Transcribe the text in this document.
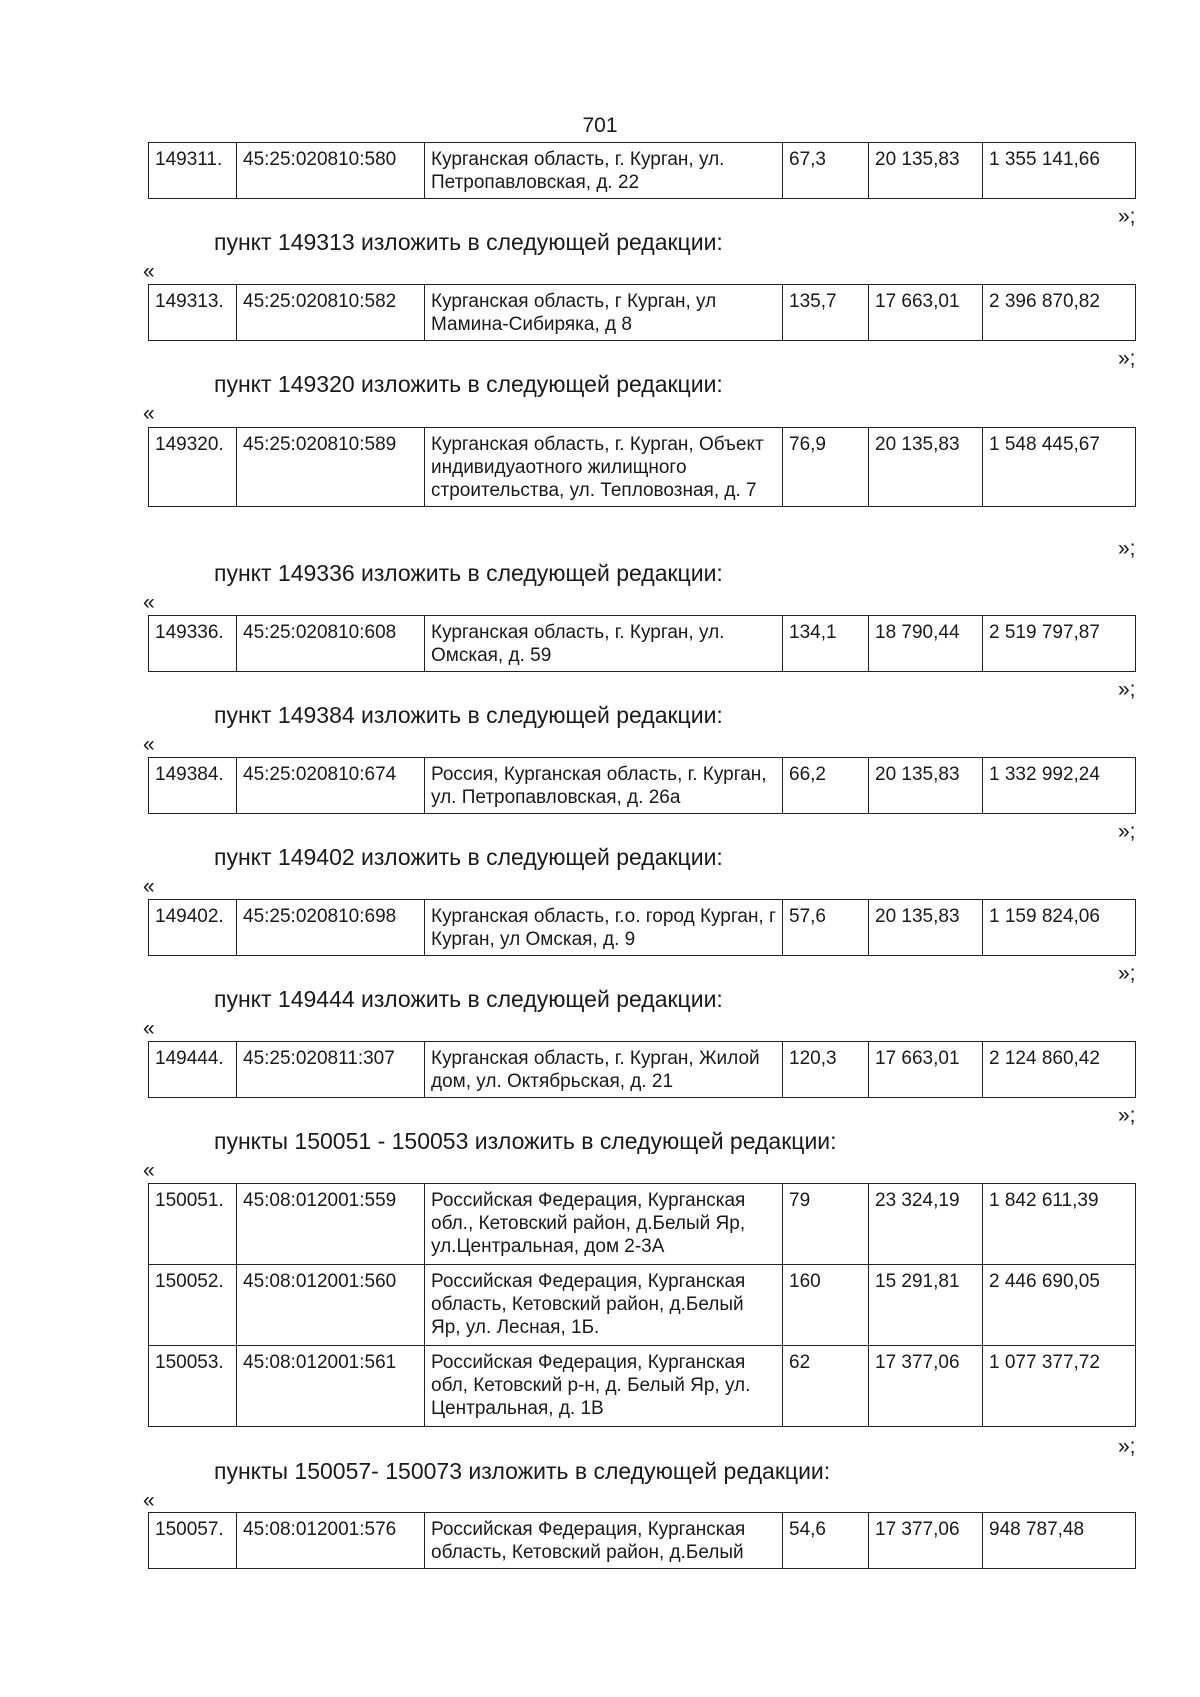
701
149311.	45:25:020810:580	Курганская область, г. Курган, ул. Петропавловская, д. 22	67,3	20 135,83	1 355 141,66
»;
пункт 149313 изложить в следующей редакции:
«
149313.	45:25:020810:582	Курганская область, г Курган, ул Мамина-Сибиряка, д 8	135,7	17 663,01	2 396 870,82
»;
пункт 149320 изложить в следующей редакции:
«
149320.	45:25:020810:589	Курганская область, г. Курган, Объект индивидуаотного жилищного строительства, ул. Тепловозная, д. 7	76,9	20 135,83	1 548 445,67
»;
пункт 149336 изложить в следующей редакции:
«
149336.	45:25:020810:608	Курганская область, г. Курган, ул. Омская, д. 59	134,1	18 790,44	2 519 797,87
»;
пункт 149384 изложить в следующей редакции:
«
149384.	45:25:020810:674	Россия, Курганская область, г. Курган, ул. Петропавловская, д. 26а	66,2	20 135,83	1 332 992,24
»;
пункт 149402 изложить в следующей редакции:
«
149402.	45:25:020810:698	Курганская область, г.о. город Курган, г Курган, ул Омская, д. 9	57,6	20 135,83	1 159 824,06
»;
пункт 149444 изложить в следующей редакции:
«
149444.	45:25:020811:307	Курганская область, г. Курган, Жилой дом, ул. Октябрьская, д. 21	120,3	17 663,01	2 124 860,42
»;
пункты 150051 - 150053 изложить в следующей редакции:
«
150051.	45:08:012001:559	Российская Федерация, Курганская обл., Кетовский район, д.Белый Яр, ул.Центральная, дом 2-3А	79	23 324,19	1 842 611,39
150052.	45:08:012001:560	Российская Федерация, Курганская область, Кетовский район, д.Белый Яр, ул. Лесная, 1Б.	160	15 291,81	2 446 690,05
150053.	45:08:012001:561	Российская Федерация, Курганская обл, Кетовский р-н, д. Белый Яр, ул. Центральная, д. 1В	62	17 377,06	1 077 377,72
»;
пункты 150057- 150073 изложить в следующей редакции:
«
150057.	45:08:012001:576	Российская Федерация, Курганская область, Кетовский район, д.Белый	54,6	17 377,06	948 787,48
